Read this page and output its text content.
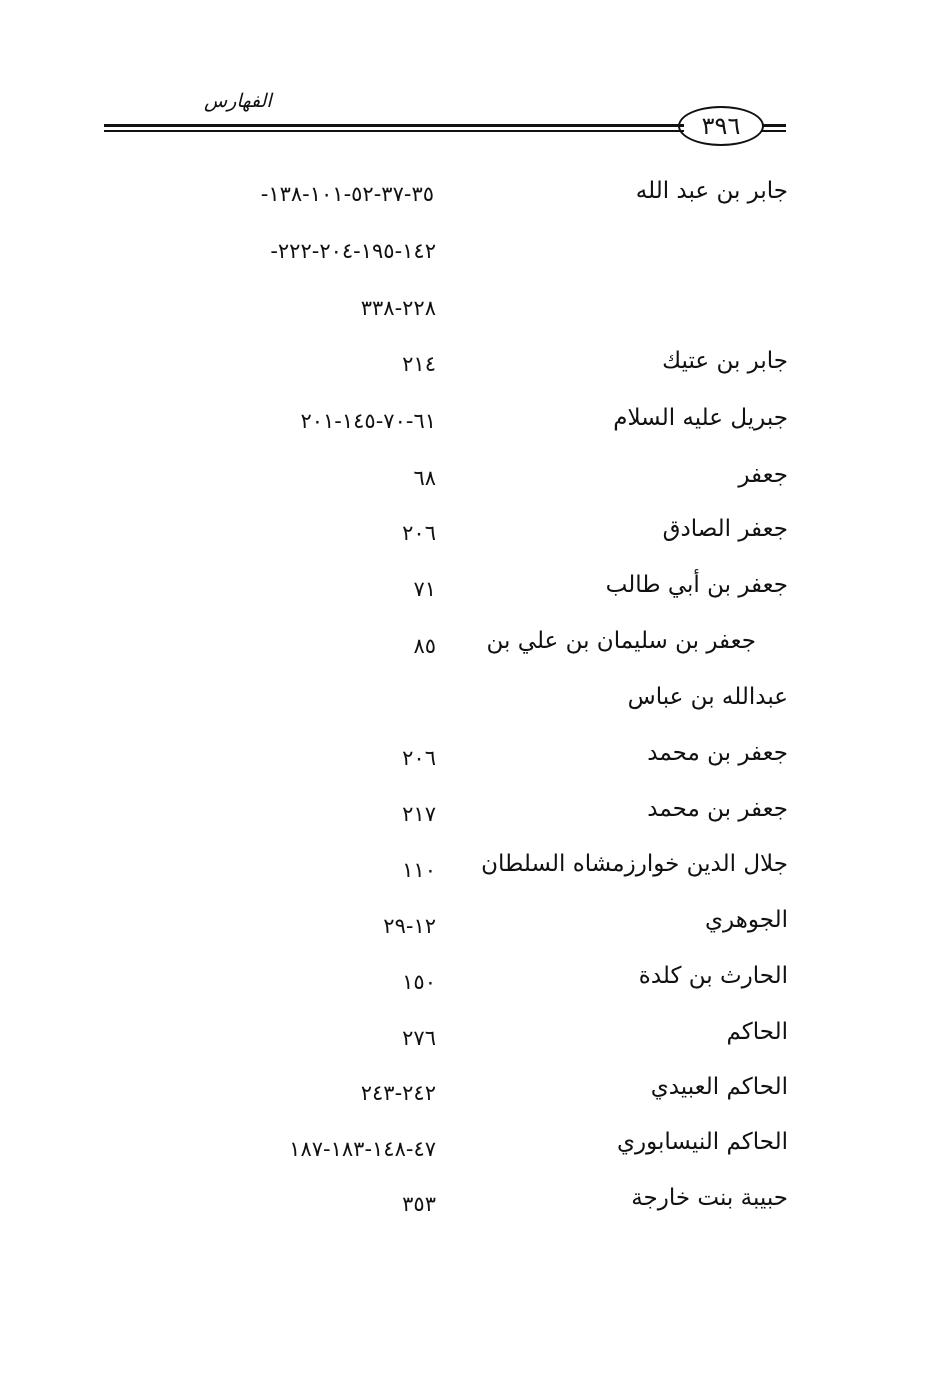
الفهارس
٣٩٦
جابر بن عبد الله
٣٥-٣٧-٥٢-١٠١-١٣٨-
١٤٢-١٩٥-٢٠٤-٢٢٢-
٢٢٨-٣٣٨
جابر بن عتيك
٢١٤
جبريل عليه السلام
٦١-٧٠-١٤٥-٢٠١
جعفر
٦٨
جعفر الصادق
٢٠٦
جعفر بن أبي طالب
٧١
جعفر بن سليمان بن علي بن
٨٥
عبدالله بن عباس
جعفر بن محمد
٢٠٦
جعفر بن محمد
٢١٧
جلال الدين خوارزمشاه السلطان
١١٠
الجوهري
١٢-٢٩
الحارث بن كلدة
١٥٠
الحاكم
٢٧٦
الحاكم العبيدي
٢٤٢-٢٤٣
الحاكم النيسابوري
٤٧-١٤٨-١٨٣-١٨٧
حبيبة بنت خارجة
٣٥٣
